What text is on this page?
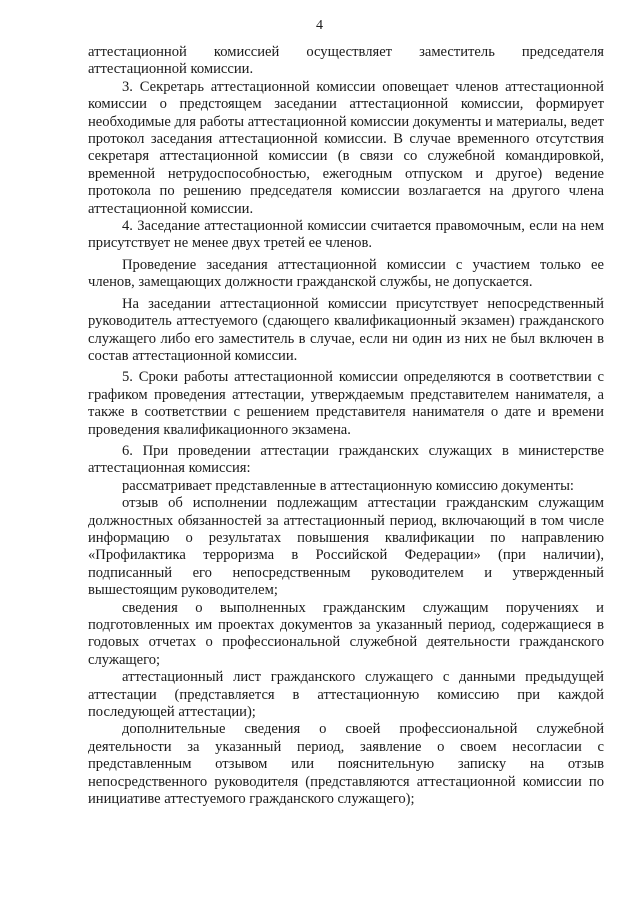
4

аттестационной комиссией осуществляет заместитель председателя аттестационной комиссии.

3. Секретарь аттестационной комиссии оповещает членов аттестационной комиссии о предстоящем заседании аттестационной комиссии, формирует необходимые для работы аттестационной комиссии документы и материалы, ведет протокол заседания аттестационной комиссии. В случае временного отсутствия секретаря аттестационной комиссии (в связи со служебной командировкой, временной нетрудоспособностью, ежегодным отпуском и другое) ведение протокола по решению председателя комиссии возлагается на другого члена аттестационной комиссии.

4. Заседание аттестационной комиссии считается правомочным, если на нем присутствует не менее двух третей ее членов.

Проведение заседания аттестационной комиссии с участием только ее членов, замещающих должности гражданской службы, не допускается.

На заседании аттестационной комиссии присутствует непосредственный руководитель аттестуемого (сдающего квалификационный экзамен) гражданского служащего либо его заместитель в случае, если ни один из них не был включен в состав аттестационной комиссии.

5. Сроки работы аттестационной комиссии определяются в соответствии с графиком проведения аттестации, утверждаемым представителем нанимателя, а также в соответствии с решением представителя нанимателя о дате и времени проведения квалификационного экзамена.

6. При проведении аттестации гражданских служащих в министерстве аттестационная комиссия:

рассматривает представленные в аттестационную комиссию документы:

отзыв об исполнении подлежащим аттестации гражданским служащим должностных обязанностей за аттестационный период, включающий в том числе информацию о результатах повышения квалификации по направлению «Профилактика терроризма в Российской Федерации» (при наличии), подписанный его непосредственным руководителем и утвержденный вышестоящим руководителем;

сведения о выполненных гражданским служащим поручениях и подготовленных им проектах документов за указанный период, содержащиеся в годовых отчетах о профессиональной служебной деятельности гражданского служащего;

аттестационный лист гражданского служащего с данными предыдущей аттестации (представляется в аттестационную комиссию при каждой последующей аттестации);

дополнительные сведения о своей профессиональной служебной деятельности за указанный период, заявление о своем несогласии с представленным отзывом или пояснительную записку на отзыв непосредственного руководителя (представляются аттестационной комиссии по инициативе аттестуемого гражданского служащего);
